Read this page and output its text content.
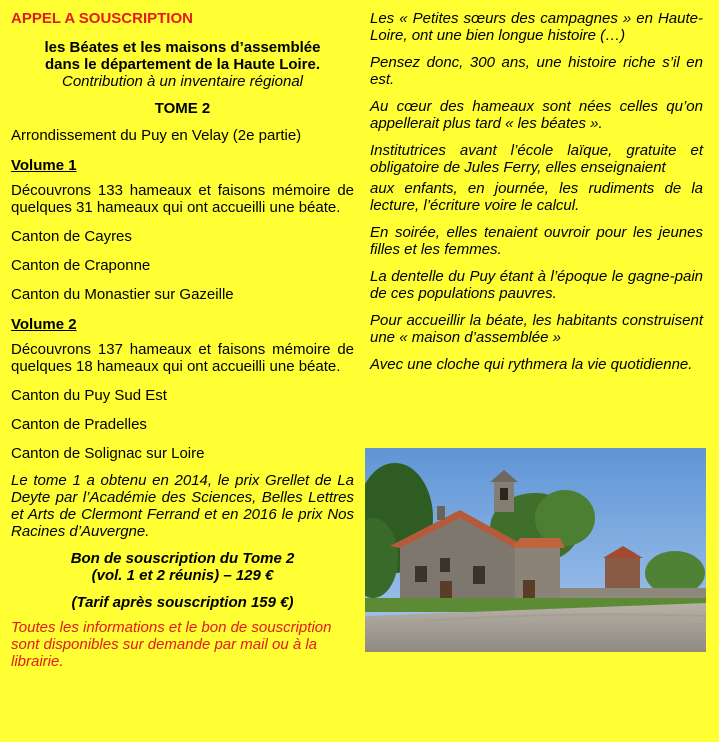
APPEL A SOUSCRIPTION
les Béates et les maisons d’assemblée
dans le département de la Haute Loire.
Contribution à un inventaire régional
TOME 2

Arrondissement du Puy en Velay (2e partie)

Volume 1

Découvrons 133 hameaux et faisons mémoire de quelques 31 hameaux qui ont accueilli une béate.

Canton de Cayres

Canton de Craponne

Canton du Monastier sur Gazeille

Volume 2

Découvrons 137 hameaux et faisons mémoire de quelques 18 hameaux qui ont accueilli une béate.

Canton du Puy Sud Est

Canton de Pradelles

Canton de Solignac sur Loire

Le tome 1 a obtenu en 2014, le prix Grellet de La Deyte par l’Académie des Sciences, Belles Lettres et Arts de Clermont Ferrand et en 2016 le prix Nos Racines d’Auvergne.

Bon de souscription du Tome 2

(vol. 1 et 2 réunis) – 129 €

(Tarif après souscription 159 €)

Toutes les informations et le bon de souscription sont disponibles sur demande par mail ou à la librairie.

Les « Petites sœurs des campagnes » en Haute-Loire, ont une bien longue histoire (…)

Pensez donc, 300 ans, une histoire riche s’il en est.

Au cœur des hameaux sont nées celles qu’on appellerait plus tard « les béates ».

Institutrices avant l’école laïque, gratuite et obligatoire de Jules Ferry, elles enseignaient

aux enfants, en journée, les rudiments de la lecture, l’écriture voire le calcul.

En soirée, elles tenaient ouvroir pour les jeunes filles et les femmes.

La dentelle du Puy étant à l’époque le gagne-pain de ces populations pauvres.

Pour accueillir la béate, les habitants construisent une « maison d’assemblée »

Avec une cloche qui rythmera la vie quotidienne.
